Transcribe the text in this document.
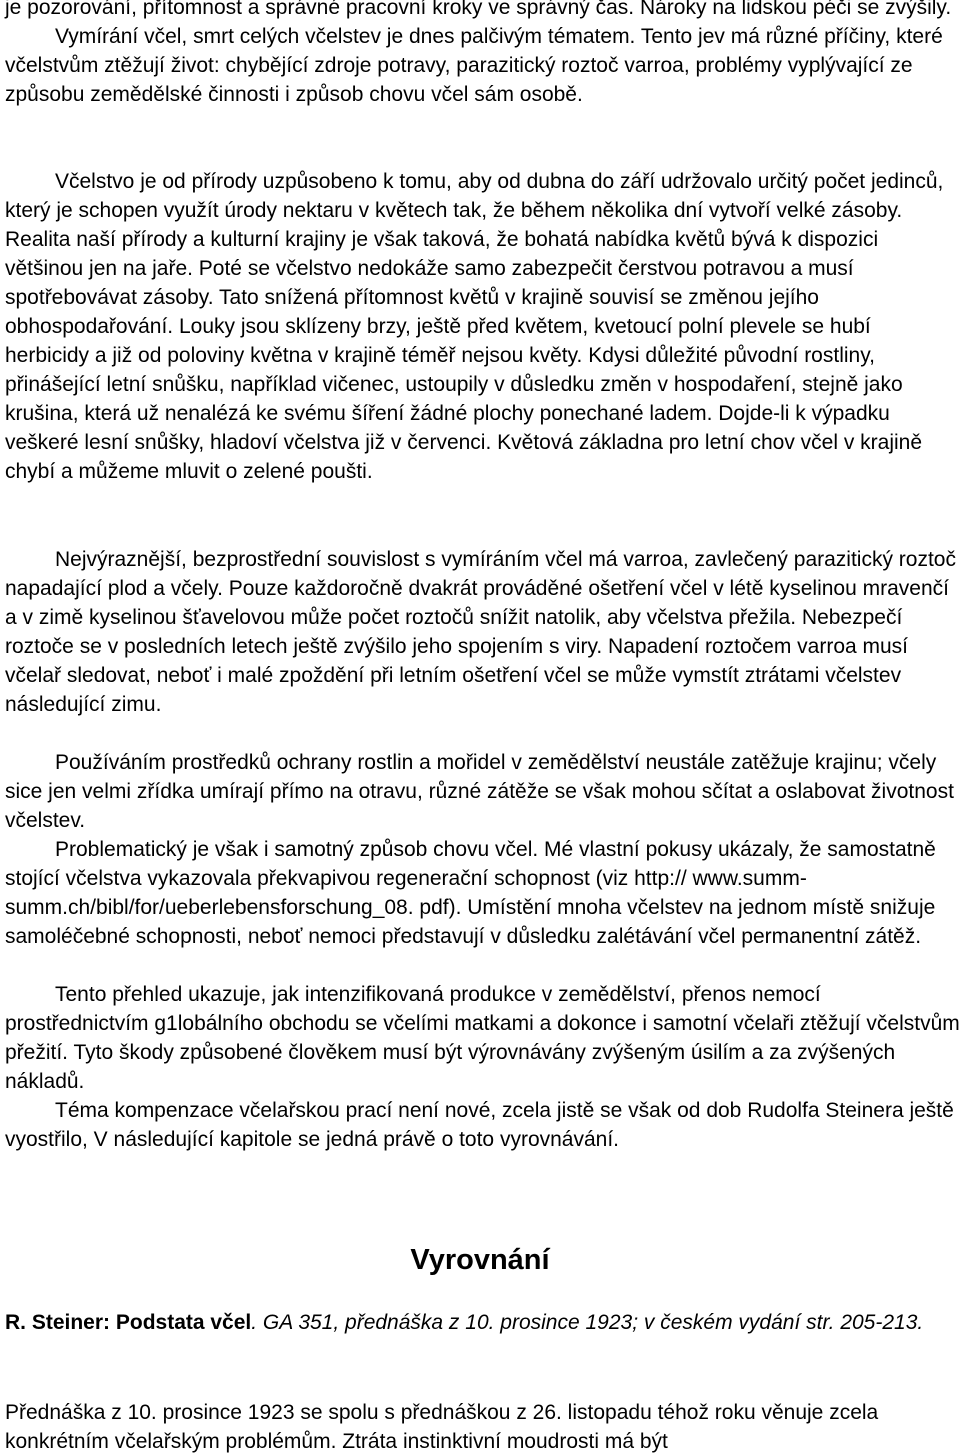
je pozorování, přítomnost a správné pracovní kroky ve správný čas. Nároky na lidskou péči se zvýšily.
Vymírání včel, smrt celých včelstev je dnes palčivým tématem. Tento jev má různé příčiny, které včelstvům ztěžují život: chybějící zdroje potravy, parazitický roztoč varroa, problémy vyplývající ze způsobu zemědělské činnosti i způsob chovu včel sám osobě.
Včelstvo je od přírody uzpůsobeno k tomu, aby od dubna do září udržovalo určitý počet jedinců, který je schopen využít úrody nektaru v květech tak, že během několika dní vytvoří velké zásoby. Realita naší přírody a kulturní krajiny je však taková, že bohatá nabídka květů bývá k dispozici většinou jen na jaře. Poté se včelstvo nedokáže samo zabezpečit čerstvou potravou a musí spotřebovávat zásoby. Tato snížená přítomnost květů v krajině souvisí se změnou jejího obhospodařování. Louky jsou sklízeny brzy, ještě před květem, kvetoucí polní plevele se hubí herbicidy a již od poloviny května v krajině téměř nejsou květy. Kdysi důležité původní rostliny, přinášející letní snůšku, například vičenec, ustoupily v důsledku změn v hospodaření, stejně jako krušina, která už nenalézá ke svému šíření žádné plochy ponechané ladem. Dojde-li k výpadku veškeré lesní snůšky, hladoví včelstva již v červenci. Květová základna pro letní chov včel v krajině chybí a můžeme mluvit o zelené poušti.
Nejvýraznější, bezprostřední souvislost s vymíráním včel má varroa, zavlečený parazitický roztoč napadající plod a včely. Pouze každoročně dvakrát prováděné ošetření včel v létě kyselinou mravenčí a v zimě kyselinou šťavelovou může počet roztočů snížit natolik, aby včelstva přežila. Nebezpečí roztoče se v posledních letech ještě zvýšilo jeho spojením s viry. Napadení roztočem varroa musí včelař sledovat, neboť i malé zpoždění při letním ošetření včel se může vymstít ztrátami včelstev následující zimu.
Používáním prostředků ochrany rostlin a mořidel v zemědělství neustále zatěžuje krajinu; včely sice jen velmi zřídka umírají přímo na otravu, různé zátěže se však mohou sčítat a oslabovat životnost včelstev.
Problematický je však i samotný způsob chovu včel. Mé vlastní pokusy ukázaly, že samostatně stojící včelstva vykazovala překvapivou regenerační schopnost (viz http:// www.summ-summ.ch/bibl/for/ueberlebensforschung_08. pdf). Umístění mnoha včelstev na jednom místě snižuje samoléčebné schopnosti, neboť nemoci představují v důsledku zalétávání včel permanentní zátěž.
Tento přehled ukazuje, jak intenzifikovaná produkce v zemědělství, přenos nemocí prostřednictvím g1lobálního obchodu se včelími matkami a dokonce i samotní včelaři ztěžují včelstvům přežití. Tyto škody způsobené člověkem musí být výrovnávány zvýšeným úsilím a za zvýšených nákladů.
Téma kompenzace včelařskou prací není nové, zcela jistě se však od dob Rudolfa Steinera ještě vyostřilo, V následující kapitole se jedná právě o toto vyrovnávání.
Vyrovnání
R. Steiner: Podstata včel. GA 351, přednáška z 10. prosince 1923; v českém vydání str. 205-213.
Přednáška z 10. prosince 1923 se spolu s přednáškou z 26. listopadu téhož roku věnuje zcela konkrétním včelařským problémům. Ztráta instinktivní moudrosti má být
